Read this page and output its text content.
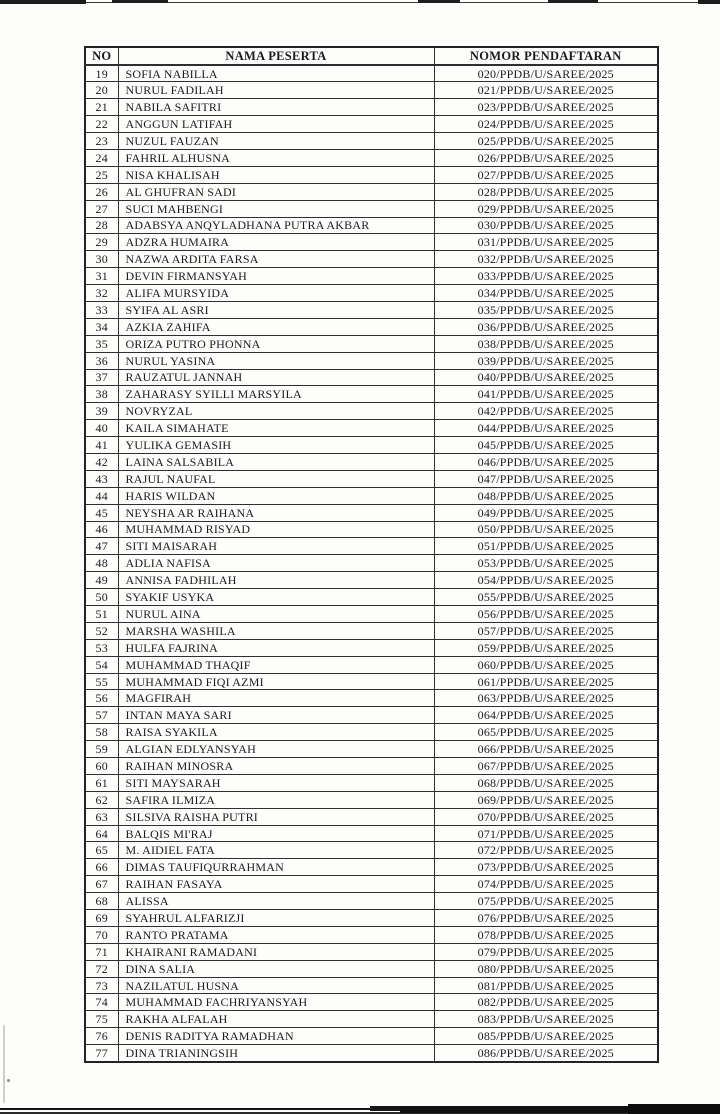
NO	NAMA PESERTA	NOMOR PENDAFTARAN
19	SOFIA NABILLA	020/PPDB/U/SAREE/2025
20	NURUL FADILAH	021/PPDB/U/SAREE/2025
21	NABILA SAFITRI	023/PPDB/U/SAREE/2025
22	ANGGUN LATIFAH	024/PPDB/U/SAREE/2025
23	NUZUL FAUZAN	025/PPDB/U/SAREE/2025
24	FAHRIL ALHUSNA	026/PPDB/U/SAREE/2025
25	NISA KHALISAH	027/PPDB/U/SAREE/2025
26	AL GHUFRAN SADI	028/PPDB/U/SAREE/2025
27	SUCI MAHBENGI	029/PPDB/U/SAREE/2025
28	ADABSYA ANQYLADHANA PUTRA AKBAR	030/PPDB/U/SAREE/2025
29	ADZRA HUMAIRA	031/PPDB/U/SAREE/2025
30	NAZWA ARDITA FARSA	032/PPDB/U/SAREE/2025
31	DEVIN FIRMANSYAH	033/PPDB/U/SAREE/2025
32	ALIFA MURSYIDA	034/PPDB/U/SAREE/2025
33	SYIFA AL ASRI	035/PPDB/U/SAREE/2025
34	AZKIA ZAHIFA	036/PPDB/U/SAREE/2025
35	ORIZA PUTRO PHONNA	038/PPDB/U/SAREE/2025
36	NURUL YASINA	039/PPDB/U/SAREE/2025
37	RAUZATUL JANNAH	040/PPDB/U/SAREE/2025
38	ZAHARASY SYILLI MARSYILA	041/PPDB/U/SAREE/2025
39	NOVRYZAL	042/PPDB/U/SAREE/2025
40	KAILA SIMAHATE	044/PPDB/U/SAREE/2025
41	YULIKA GEMASIH	045/PPDB/U/SAREE/2025
42	LAINA SALSABILA	046/PPDB/U/SAREE/2025
43	RAJUL NAUFAL	047/PPDB/U/SAREE/2025
44	HARIS WILDAN	048/PPDB/U/SAREE/2025
45	NEYSHA AR RAIHANA	049/PPDB/U/SAREE/2025
46	MUHAMMAD RISYAD	050/PPDB/U/SAREE/2025
47	SITI MAISARAH	051/PPDB/U/SAREE/2025
48	ADLIA NAFISA	053/PPDB/U/SAREE/2025
49	ANNISA FADHILAH	054/PPDB/U/SAREE/2025
50	SYAKIF USYKA	055/PPDB/U/SAREE/2025
51	NURUL AINA	056/PPDB/U/SAREE/2025
52	MARSHA WASHILA	057/PPDB/U/SAREE/2025
53	HULFA FAJRINA	059/PPDB/U/SAREE/2025
54	MUHAMMAD THAQIF	060/PPDB/U/SAREE/2025
55	MUHAMMAD FIQI AZMI	061/PPDB/U/SAREE/2025
56	MAGFIRAH	063/PPDB/U/SAREE/2025
57	INTAN MAYA SARI	064/PPDB/U/SAREE/2025
58	RAISA SYAKILA	065/PPDB/U/SAREE/2025
59	ALGIAN EDLYANSYAH	066/PPDB/U/SAREE/2025
60	RAIHAN MINOSRA	067/PPDB/U/SAREE/2025
61	SITI MAYSARAH	068/PPDB/U/SAREE/2025
62	SAFIRA ILMIZA	069/PPDB/U/SAREE/2025
63	SILSIVA RAISHA PUTRI	070/PPDB/U/SAREE/2025
64	BALQIS MI'RAJ	071/PPDB/U/SAREE/2025
65	M. AIDIEL FATA	072/PPDB/U/SAREE/2025
66	DIMAS TAUFIQURRAHMAN	073/PPDB/U/SAREE/2025
67	RAIHAN FASAYA	074/PPDB/U/SAREE/2025
68	ALISSA	075/PPDB/U/SAREE/2025
69	SYAHRUL ALFARIZJI	076/PPDB/U/SAREE/2025
70	RANTO PRATAMA	078/PPDB/U/SAREE/2025
71	KHAIRANI RAMADANI	079/PPDB/U/SAREE/2025
72	DINA SALIA	080/PPDB/U/SAREE/2025
73	NAZILATUL HUSNA	081/PPDB/U/SAREE/2025
74	MUHAMMAD FACHRIYANSYAH	082/PPDB/U/SAREE/2025
75	RAKHA ALFALAH	083/PPDB/U/SAREE/2025
76	DENIS RADITYA RAMADHAN	085/PPDB/U/SAREE/2025
77	DINA TRIANINGSIH	086/PPDB/U/SAREE/2025
